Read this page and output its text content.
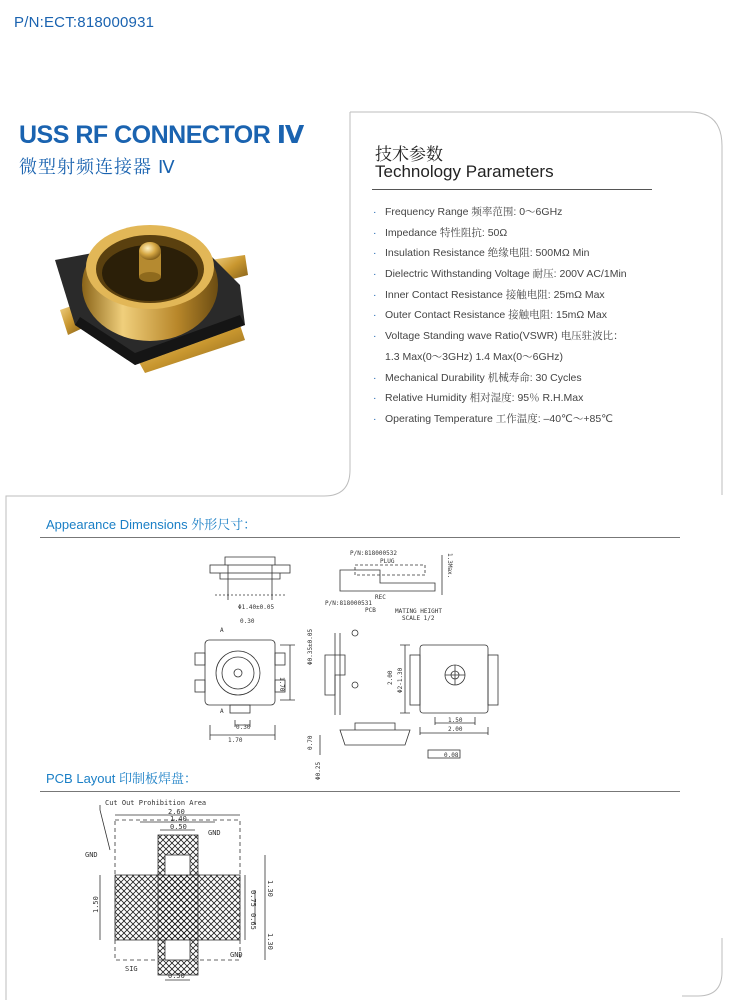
P/N:ECT:818000931
USS RF CONNECTOR Ⅳ
微型射频连接器 Ⅳ
技术参数
Technology Parameters
· Frequency Range 频率范围: 0～6GHz
· Impedance 特性阻抗: 50Ω
· Insulation Resistance 绝缘电阻: 500MΩ Min
· Dielectric Withstanding Voltage 耐压: 200V AC/1Min
· Inner Contact Resistance 接触电阻: 25mΩ Max
· Outer Contact Resistance 接触电阻: 15mΩ Max
· Voltage Standing wave Ratio(VSWR) 电压驻波比：
1.3 Max(0～3GHz) 1.4 Max(0～6GHz)
· Mechanical Durability 机械寿命: 30 Cycles
· Relative Humidity 相对湿度: 95％ R.H.Max
· Operating Temperature 工作温度: –40℃～+85℃
Appearance Dimensions 外形尺寸：
Φ1.40±0.05
0.30
A
A
1.70
0.30
1.70
Φ0.35±0.05
P/N:818000532
PLUG
REC
P/N:818000531
PCB	MATING HEIGHT
SCALE 1/2
1.3Max.
2.00 Φ2-1.30
1.50
2.00
0.70
Φ0.25
0.08
PCB Layout 印制板焊盘：
Cut Out Prohibition Area
2.60
1.40
0.50
GND
GND
1.50
1.30
0.75
0.65
1.30
SIG
GND
0.50
